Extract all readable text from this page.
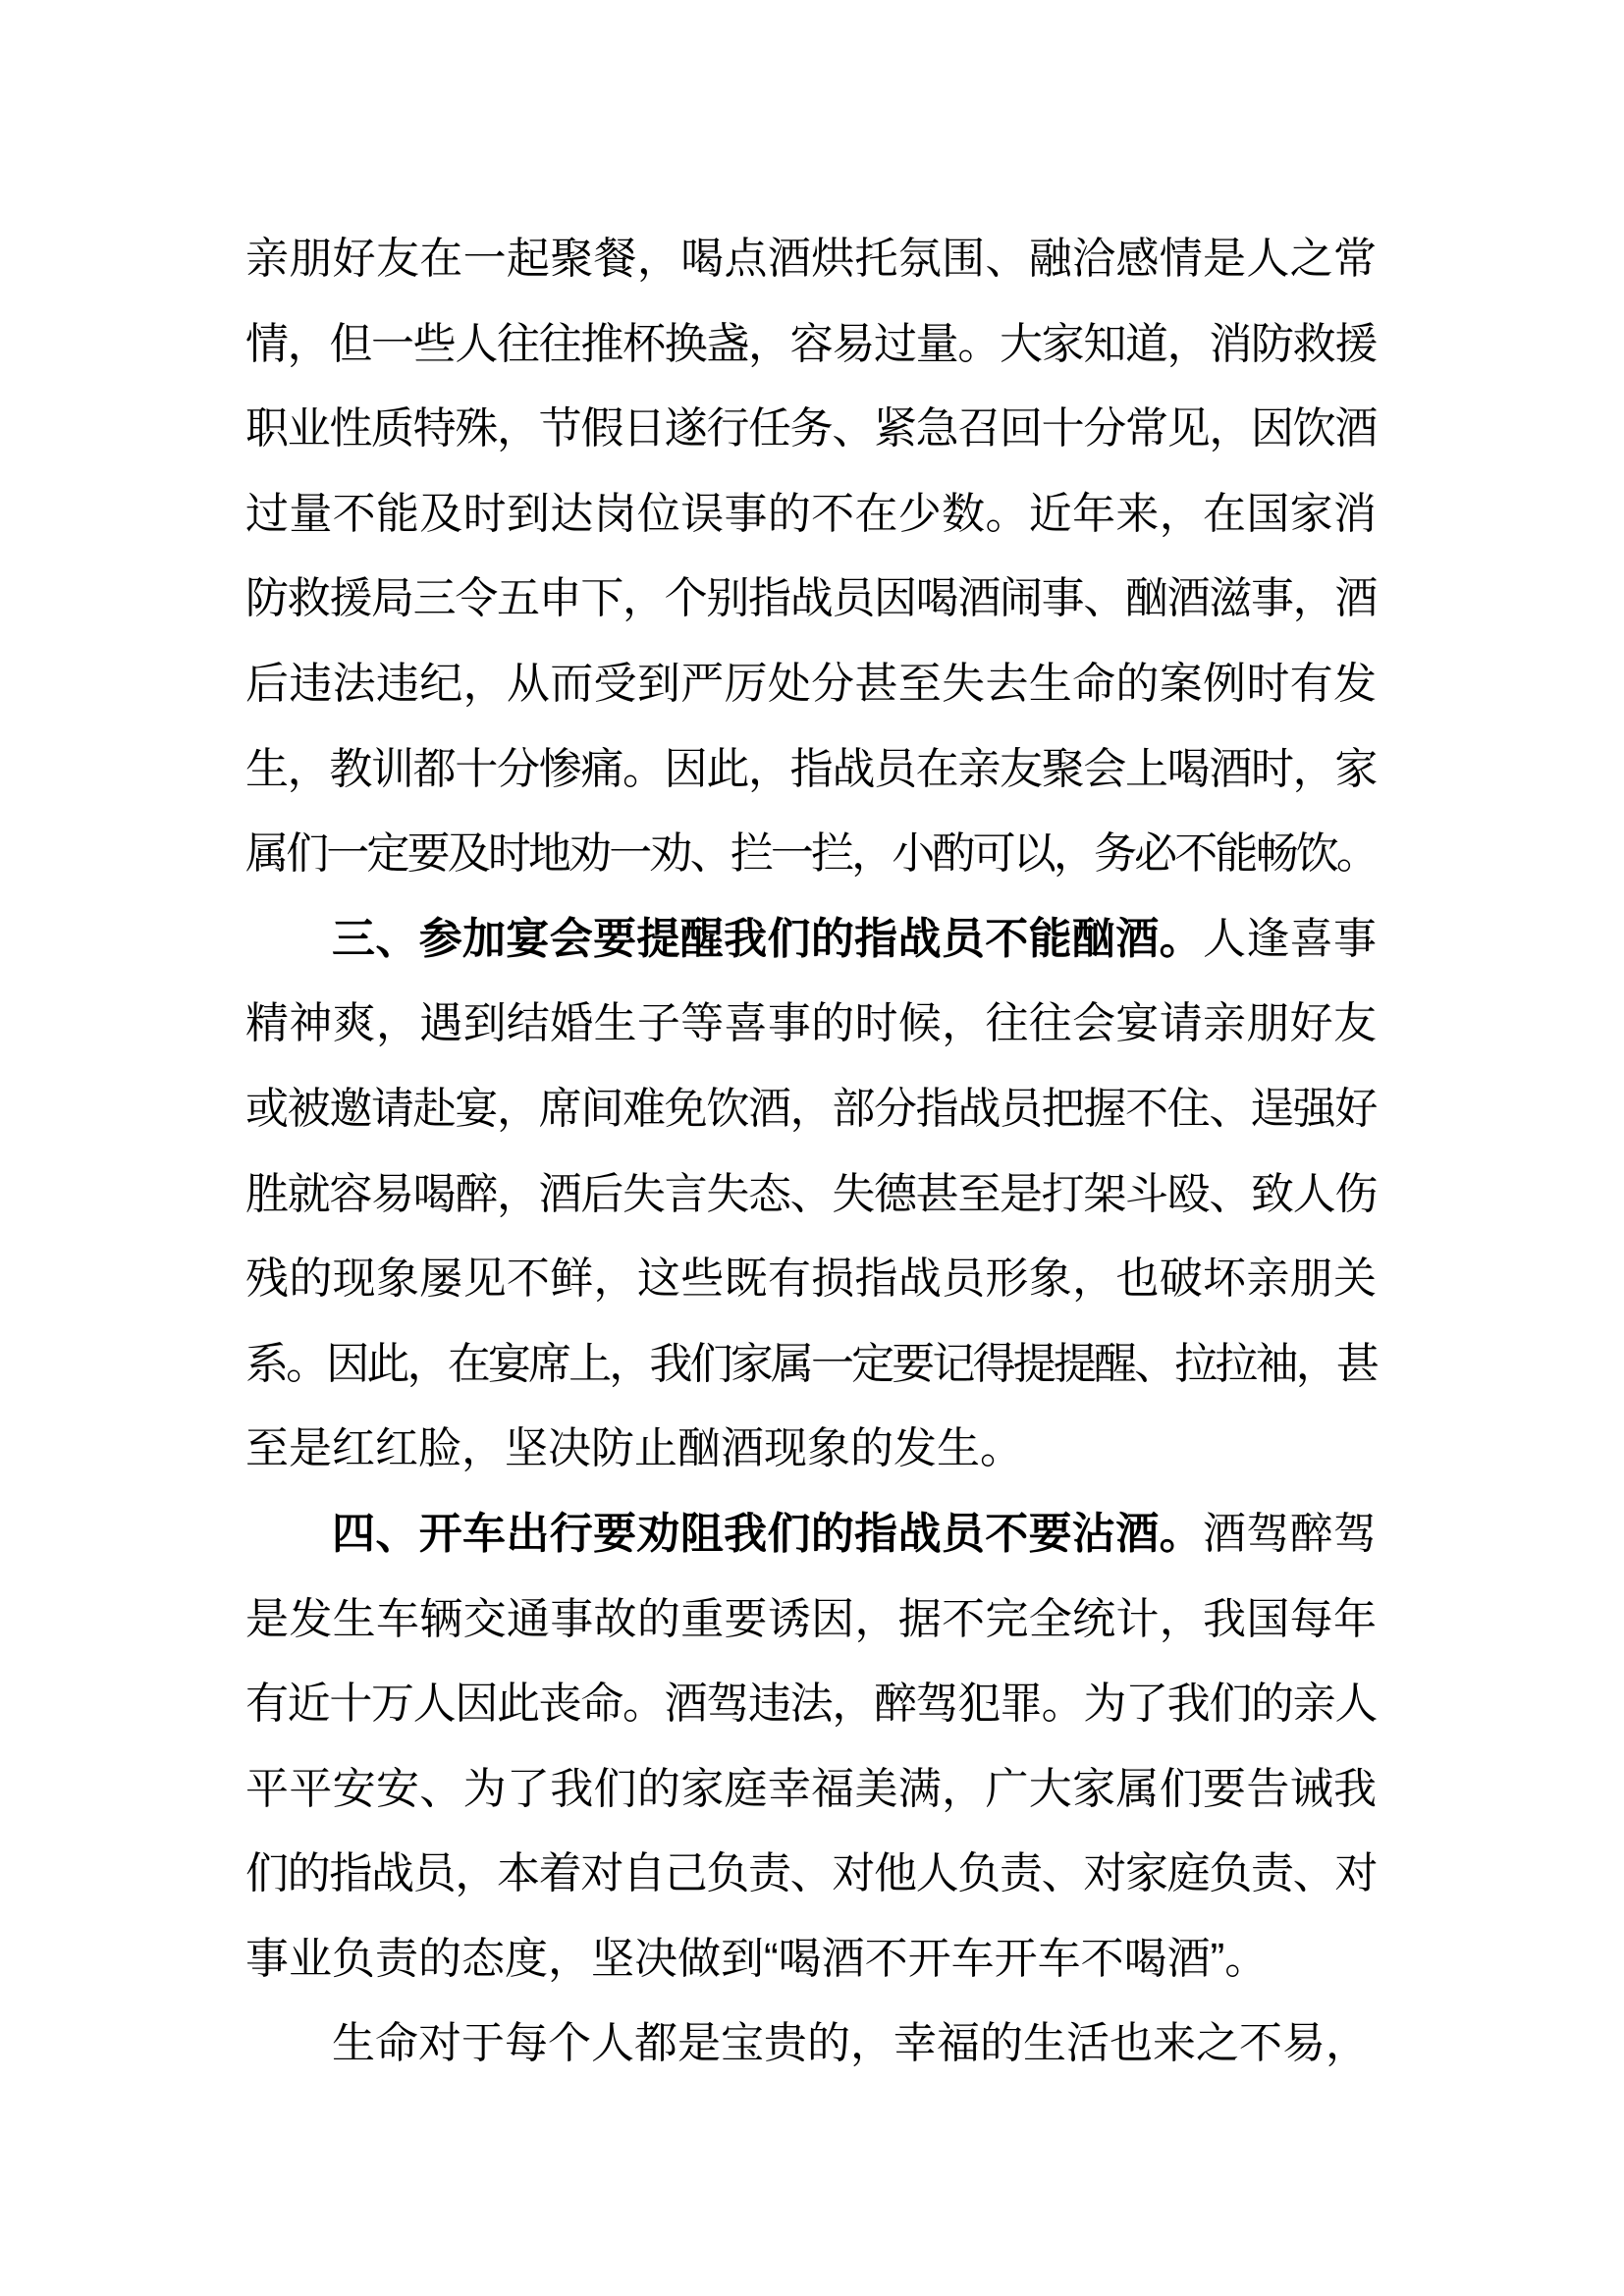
亲朋好友在一起聚餐，喝点酒烘托氛围、融洽感情是人之常
情，但一些人往往推杯换盏，容易过量。大家知道，消防救援
职业性质特殊，节假日遂行任务、紧急召回十分常见，因饮酒
过量不能及时到达岗位误事的不在少数。近年来，在国家消
防救援局三令五申下，个别指战员因喝酒闹事、酗酒滋事，酒
后违法违纪，从而受到严厉处分甚至失去生命的案例时有发
生，教训都十分惨痛。因此，指战员在亲友聚会上喝酒时，家
属们一定要及时地劝一劝、拦一拦，小酌可以，务必不能畅饮。
三、参加宴会要提醒我们的指战员不能酗酒。人逢喜事
精神爽，遇到结婚生子等喜事的时候，往往会宴请亲朋好友
或被邀请赴宴，席间难免饮酒，部分指战员把握不住、逞强好
胜就容易喝醉，酒后失言失态、失德甚至是打架斗殴、致人伤
残的现象屡见不鲜，这些既有损指战员形象，也破坏亲朋关
系。因此，在宴席上，我们家属一定要记得提提醒、拉拉袖，甚
至是红红脸，坚决防止酗酒现象的发生。
四、开车出行要劝阻我们的指战员不要沾酒。酒驾醉驾
是发生车辆交通事故的重要诱因，据不完全统计，我国每年
有近十万人因此丧命。酒驾违法，醉驾犯罪。为了我们的亲人
平平安安、为了我们的家庭幸福美满，广大家属们要告诫我
们的指战员，本着对自己负责、对他人负责、对家庭负责、对
事业负责的态度，坚决做到“喝酒不开车开车不喝酒”。
生命对于每个人都是宝贵的，幸福的生活也来之不易，
